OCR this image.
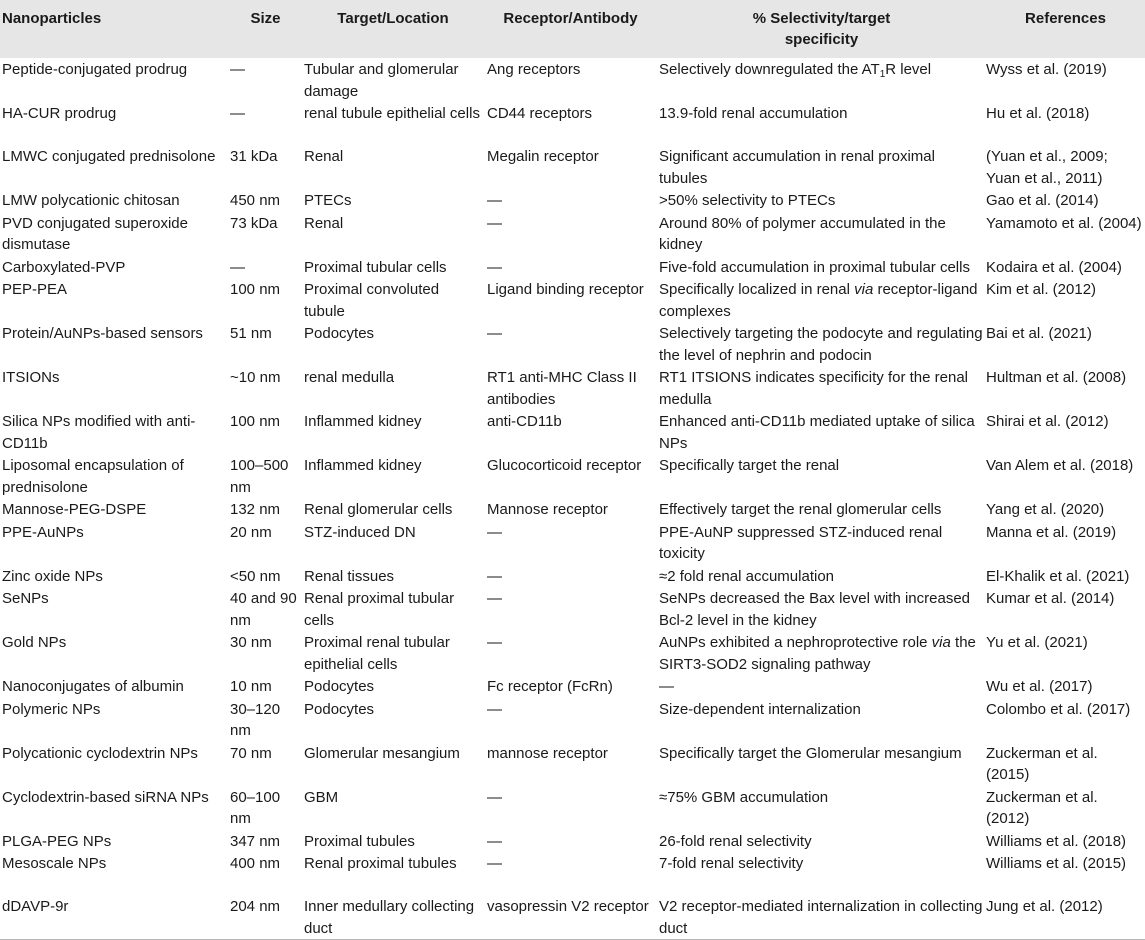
Nanoparticles	Size	Target/Location	Receptor/Antibody	% Selectivity/target specificity	References
Peptide-conjugated prodrug	—	Tubular and glomerular damage	Ang receptors	Selectively downregulated the $AT_1R$ level	Wyss et al. (2019)
HA-CUR prodrug	—	renal tubule epithelial cells	CD44 receptors	13.9-fold renal accumulation	Hu et al. (2018)
LMWC conjugated prednisolone	31 kDa	Renal	Megalin receptor	Significant accumulation in renal proximal tubules	(Yuan et al., 2009; Yuan et al., 2011)
LMW polycationic chitosan	450 nm	PTECs	—	>50% selectivity to PTECs	Gao et al. (2014)
PVD conjugated superoxide dismutase	73 kDa	Renal	—	Around 80% of polymer accumulated in the kidney	Yamamoto et al. (2004)
Carboxylated-PVP	—	Proximal tubular cells	—	Five-fold accumulation in proximal tubular cells	Kodaira et al. (2004)
PEP-PEA	100 nm	Proximal convoluted tubule	Ligand binding receptor	Specifically localized in renal via receptor-ligand complexes	Kim et al. (2012)
Protein/AuNPs-based sensors	51 nm	Podocytes	—	Selectively targeting the podocyte and regulating the level of nephrin and podocin	Bai et al. (2021)
ITSIONs	~10 nm	renal medulla	RT1 anti-MHC Class II antibodies	RT1 ITSIONS indicates specificity for the renal medulla	Hultman et al. (2008)
Silica NPs modified with anti-CD11b	100 nm	Inflammed kidney	anti-CD11b	Enhanced anti-CD11b mediated uptake of silica NPs	Shirai et al. (2012)
Liposomal encapsulation of prednisolone	100–500 nm	Inflammed kidney	Glucocorticoid receptor	Specifically target the renal	Van Alem et al. (2018)
Mannose-PEG-DSPE	132 nm	Renal glomerular cells	Mannose receptor	Effectively target the renal glomerular cells	Yang et al. (2020)
PPE-AuNPs	20 nm	STZ-induced DN	—	PPE-AuNP suppressed STZ-induced renal toxicity	Manna et al. (2019)
Zinc oxide NPs	<50 nm	Renal tissues	—	≈2 fold renal accumulation	El-Khalik et al. (2021)
SeNPs	40 and 90 nm	Renal proximal tubular cells	—	SeNPs decreased the Bax level with increased Bcl-2 level in the kidney	Kumar et al. (2014)
Gold NPs	30 nm	Proximal renal tubular epithelial cells	—	AuNPs exhibited a nephroprotective role via the SIRT3-SOD2 signaling pathway	Yu et al. (2021)
Nanoconjugates of albumin	10 nm	Podocytes	Fc receptor (FcRn)	—	Wu et al. (2017)
Polymeric NPs	30–120 nm	Podocytes	—	Size-dependent internalization	Colombo et al. (2017)
Polycationic cyclodextrin NPs	70 nm	Glomerular mesangium	mannose receptor	Specifically target the Glomerular mesangium	Zuckerman et al. (2015)
Cyclodextrin-based siRNA NPs	60–100 nm	GBM	—	≈75% GBM accumulation	Zuckerman et al. (2012)
PLGA-PEG NPs	347 nm	Proximal tubules	—	26-fold renal selectivity	Williams et al. (2018)
Mesoscale NPs	400 nm	Renal proximal tubules	—	7-fold renal selectivity	Williams et al. (2015)
dDAVP-9r	204 nm	Inner medullary collecting duct	vasopressin V2 receptor	V2 receptor-mediated internalization in collecting duct	Jung et al. (2012)
